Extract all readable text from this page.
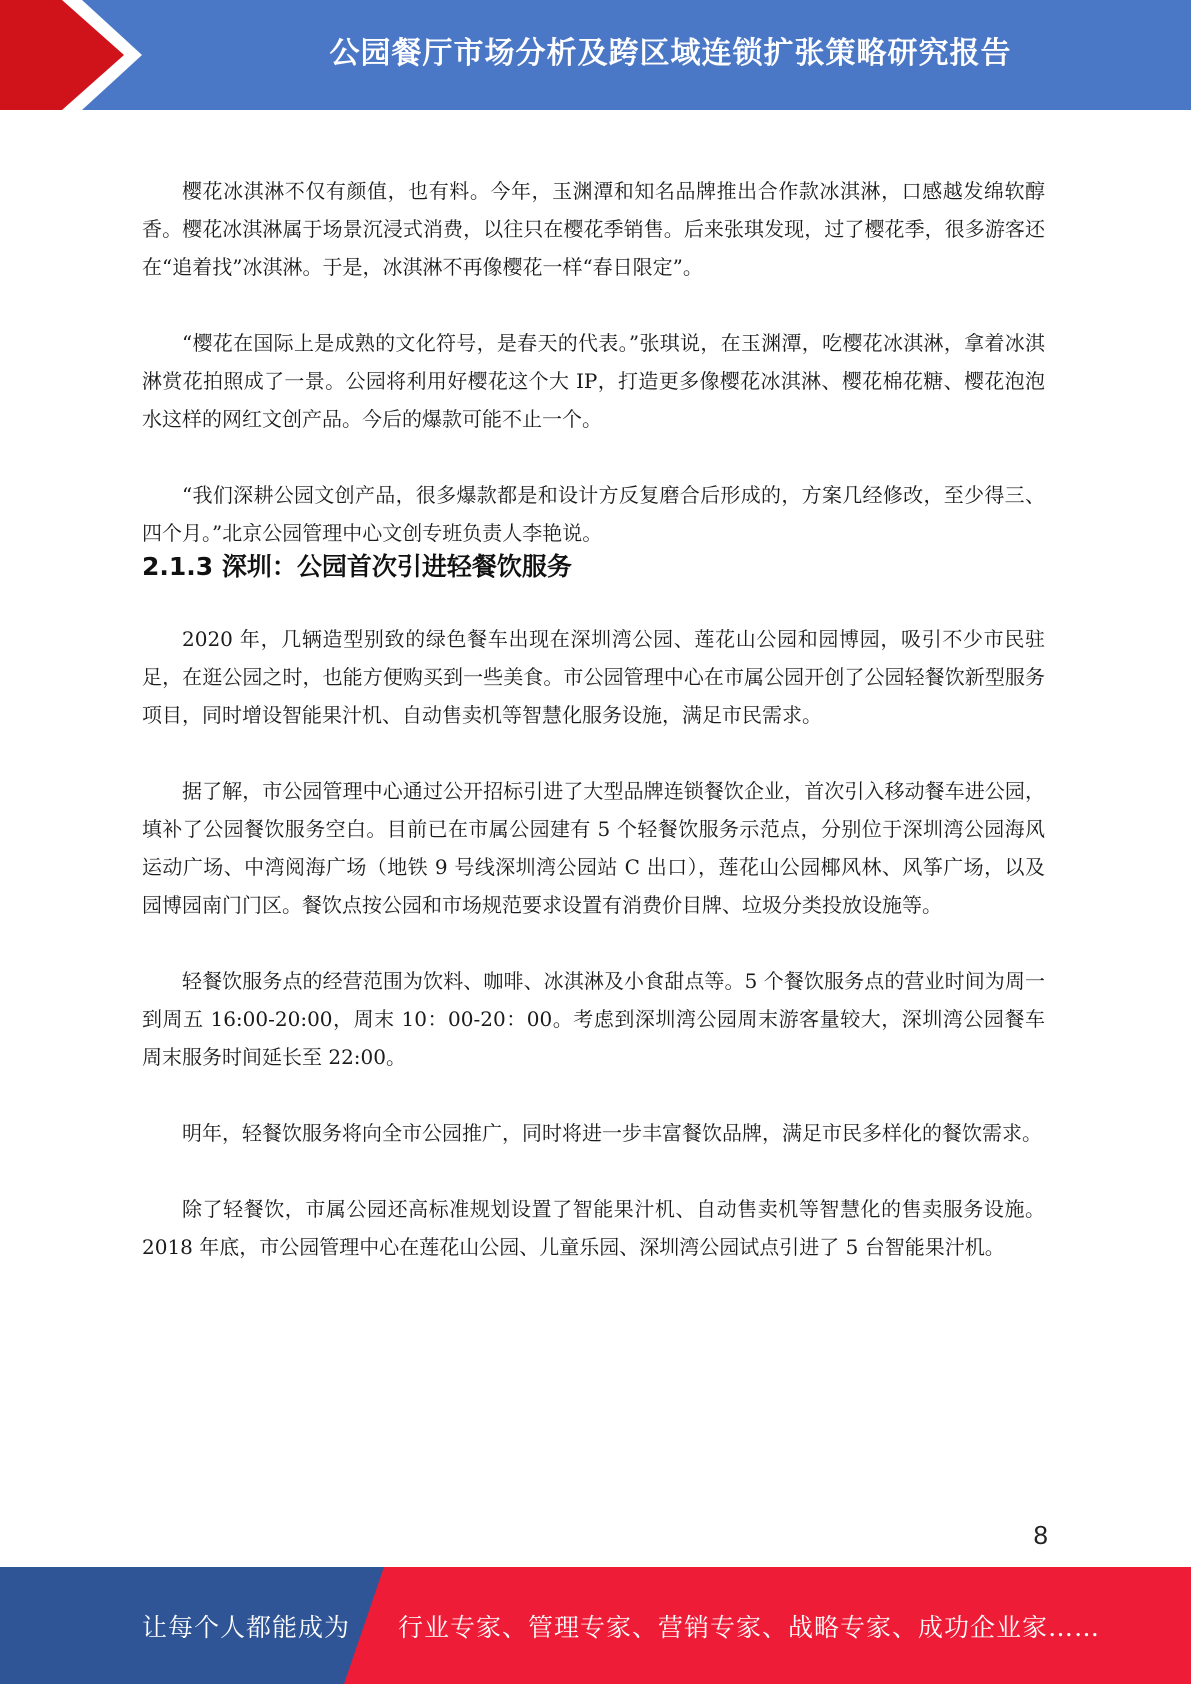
公园餐厅市场分析及跨区域连锁扩张策略研究报告

樱花冰淇淋不仅有颜值，也有料。今年，玉渊潭和知名品牌推出合作款冰淇淋，口感越发绵软醇香。樱花冰淇淋属于场景沉浸式消费，以往只在樱花季销售。后来张琪发现，过了樱花季，很多游客还在“追着找”冰淇淋。于是，冰淇淋不再像樱花一样“春日限定”。

“樱花在国际上是成熟的文化符号，是春天的代表。”张琪说，在玉渊潭，吃樱花冰淇淋，拿着冰淇淋赏花拍照成了一景。公园将利用好樱花这个大 IP，打造更多像樱花冰淇淋、樱花棉花糖、樱花泡泡水这样的网红文创产品。今后的爆款可能不止一个。

“我们深耕公园文创产品，很多爆款都是和设计方反复磨合后形成的，方案几经修改，至少得三、四个月。”北京公园管理中心文创专班负责人李艳说。

2.1.3 深圳：公园首次引进轻餐饮服务

2020 年，几辆造型别致的绿色餐车出现在深圳湾公园、莲花山公园和园博园，吸引不少市民驻足，在逛公园之时，也能方便购买到一些美食。市公园管理中心在市属公园开创了公园轻餐饮新型服务项目，同时增设智能果汁机、自动售卖机等智慧化服务设施，满足市民需求。

据了解，市公园管理中心通过公开招标引进了大型品牌连锁餐饮企业，首次引入移动餐车进公园，填补了公园餐饮服务空白。目前已在市属公园建有 5 个轻餐饮服务示范点，分别位于深圳湾公园海风运动广场、中湾阅海广场（地铁 9 号线深圳湾公园站 C 出口），莲花山公园椰风林、风筝广场，以及园博园南门门区。餐饮点按公园和市场规范要求设置有消费价目牌、垃圾分类投放设施等。

轻餐饮服务点的经营范围为饮料、咖啡、冰淇淋及小食甜点等。5 个餐饮服务点的营业时间为周一到周五 16:00-20:00，周末 10：00-20：00。考虑到深圳湾公园周末游客量较大，深圳湾公园餐车周末服务时间延长至 22:00。

明年，轻餐饮服务将向全市公园推广，同时将进一步丰富餐饮品牌，满足市民多样化的餐饮需求。

除了轻餐饮，市属公园还高标准规划设置了智能果汁机、自动售卖机等智慧化的售卖服务设施。2018 年底，市公园管理中心在莲花山公园、儿童乐园、深圳湾公园试点引进了 5 台智能果汁机。

8
让每个人都能成为 行业专家、管理专家、营销专家、战略专家、成功企业家……
